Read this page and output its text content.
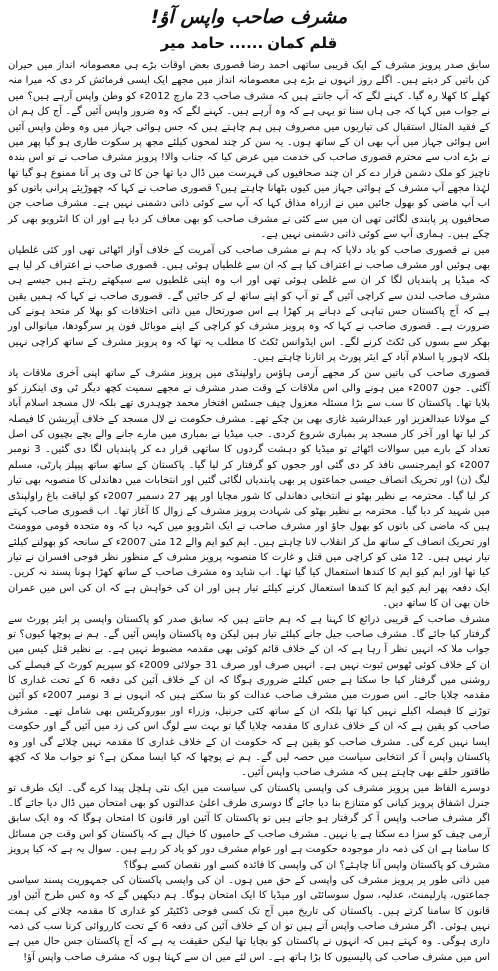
مشرف صاحب واپس آؤ!
قلم کمان......حامد میر

سابق صدر پرویز مشرف کے ایک قریبی ساتھی احمد رضا قصوری بعض اوقات بڑے ہی معصومانہ انداز میں حیران کن باتیں کر دیتے ہیں۔ اگلے روز انہوں نے بڑے ہی معصومانہ انداز میں مجھے ایک ایسی فرمائش کر دی کہ میرا منہ کھلے کا کھلا رہ گیا۔ کہنے لگے کہ آپ جانتے ہیں کہ مشرف صاحب 23 مارچ 2012ء کو وطن واپس آرہے ہیں؟ میں نے جواب میں کہا کہ جی ہاں سنا تو یہی ہے کہ وہ آرہے ہیں۔ کہنے لگے کہ وہ ضرور واپس آئیں گے۔ آج کل ہم ان کے فقید المثال استقبال کی تیاریوں میں مصروف ہیں ہم چاہتے ہیں کہ جس ہوائی جہاز میں وہ وطن واپس آئیں اس ہوائی جہاز میں آپ بھی ان کے ساتھ ہوں۔ یہ سن کر چند لمحوں کیلئے مجھ پر سکوت طاری ہو گیا پھر میں نے بڑے ادب سے محترم قصوری صاحب کی خدمت میں عرض کیا کہ جناب والا! پرویز مشرف صاحب نے تو اس بندہ ناچیز کو ملک دشمن قرار دے کر ان چند صحافیوں کی فہرست میں ڈال دیا تھا جن کا ٹی وی پر آنا ممنوع ہو گیا تھا لہٰذا مجھے آپ مشرف کے ہوائی جہاز میں کیوں بٹھانا چاہتے ہیں؟ قصوری صاحب نے کہا کہ چھوڑیئے پرانی باتوں کو اب آپ ماضی کو بھول جائیں میں نے ازراہ مذاق کہا کہ آپ سے کوئی ذاتی دشمنی نہیں ہے۔ مشرف صاحب جن صحافیوں پر پابندی لگائی تھی ان میں سے کئی نے مشرف صاحب کو بھی معاف کر دیا ہے اور ان کا انٹرویو بھی کر چکے ہیں۔ ہماری آپ سے کوئی ذاتی دشمنی نہیں ہے۔

میں نے قصوری صاحب کو یاد دلایا کہ ہم نے مشرف صاحب کی آمریت کے خلاف آواز اٹھائی تھی اور کئی غلطیاں بھی ہوئیں اور مشرف صاحب نے اعتراف کیا ہے کہ ان سے غلطیاں ہوئی ہیں۔ قصوری صاحب نے اعتراف کر لیا ہے کہ میڈیا پر پابندیاں لگا کر ان سے غلطی ہوئی تھی اور اب وہ اپنی غلطیوں سے سیکھتے رہتے ہیں جیسے ہی مشرف صاحب لندن سے کراچی آئیں گے تو آپ کو اپنے ساتھ لے کر جائیں گے۔ قصوری صاحب نے کہا کہ ہمیں یقین ہے کہ آج پاکستان جس تباہی کے دہانے پر کھڑا ہے اس صورتحال میں ذاتی اختلافات کو بھلا کر متحد ہونے کی ضرورت ہے۔ قصوری صاحب نے کہا کہ وہ پرویز مشرف کو کراچی کے اپنے موبائل فون پر سرگودھا، میانوالی اور بھکر سے بسوں کی ٹکٹ کرنے لگے۔ اس ایڈوانس ٹکٹ کا مطلب یہ تھا کہ وہ پرویز مشرف کے ساتھ کراچی نہیں بلکہ لاہور یا اسلام آباد کے ایئر پورٹ پر اتارنا چاہتے ہیں۔

قصوری صاحب کی باتیں سن کر مجھے آرمی ہاؤس راولپنڈی میں پرویز مشرف کے ساتھ اپنی آخری ملاقات یاد آگئی۔ جون 2007ء میں ہونے والی اس ملاقات کے وقت صدر مشرف نے مجھے سمیت کچھ دیگر ٹی وی اینکرز کو بلایا تھا۔ پاکستان کا سب سے بڑا مسئلہ معزول چیف جسٹس افتخار محمد چوہدری تھے بلکہ لال مسجد اسلام آباد کے مولانا عبدالعزیز اور عبدالرشید غازی بھی بن چکے تھے۔ مشرف حکومت نے لال مسجد کے خلاف آپریشن کا فیصلہ کر لیا تھا اور آخر کار مسجد پر بمباری شروع کردی۔ جب میڈیا نے بمباری میں مارے جانے والے بچے بچیوں کی اصل تعداد کے بارے میں سوالات اٹھائے تو میڈیا کو دہشت گردوں کا ساتھی قرار دے کر پابندیاں لگا دی گئیں۔ 3 نومبر 2007ء کو ایمرجنسی نافذ کر دی گئی اور ججوں کو گرفتار کر لیا گیا۔ پاکستان کے ساتھ ساتھ پیپلز پارٹی، مسلم لیگ (ن) اور تحریک انصاف جیسی جماعتوں پر بھی پابندیاں لگائی گئیں اور انتخابات میں دھاندلی کا منصوبہ بھی تیار کر لیا گیا۔ محترمہ بے نظیر بھٹو نے انتخابی دھاندلی کا شور مچایا اور پھر 27 دسمبر 2007ء کو لیاقت باغ راولپنڈی میں شہید کر دیا گیا۔ محترمہ بے نظیر بھٹو کی شہادت پرویز مشرف کے زوال کا آغاز تھا۔ اب قصوری صاحب کہتے ہیں کہ ماضی کی باتوں کو بھول جاؤ اور مشرف صاحب نے ایک انٹرویو میں کہہ دیا کہ وہ متحدہ قومی موومنٹ اور تحریک انصاف کے ساتھ مل کر انقلاب لانا چاہتے ہیں۔ ایم کیو ایم والے 12 مئی 2007ء کے سانحہ کو بھولنے کیلئے تیار نہیں ہیں۔ 12 مئی کو کراچی میں قتل و غارت کا منصوبہ پرویز مشرف کے منظور نظر فوجی افسران نے تیار کیا تھا اور ایم کیو ایم کا کندھا استعمال کیا گیا تھا۔ اب شاید وہ مشرف صاحب کے ساتھ کھڑا ہونا پسند نہ کریں۔ ایک دفعہ پھر ایم کیو ایم کا کندھا استعمال کرنے کیلئے تیار ہیں اور ان کی خواہش ہے کہ ان کی اس میں عمران خان بھی ان کا ساتھ دیں۔

مشرف صاحب کے قریبی ذرائع کا کہنا ہے کہ ہم جانتے ہیں کہ سابق صدر کو پاکستان واپسی پر ایئر پورٹ سے گرفتار کیا جائے گا۔ مشرف صاحب جیل جانے کیلئے تیار ہیں لیکن وہ پاکستان واپس آئیں گے۔ ہم نے پوچھا کیوں؟ تو جواب ملا کہ انہیں نظر آ رہا ہے کہ ان کے خلاف قائم کوئی بھی مقدمہ مضبوط نہیں ہے۔ بے نظیر قتل کیس میں ان کے خلاف کوئی ٹھوس ثبوت نہیں ہے۔ انہیں صرف اور صرف 31 جولائی 2009ء کو سپریم کورٹ کے فیصلے کی روشنی میں گرفتار کیا جا سکتا ہے جس کیلئے ضروری ہوگا کہ ان کے خلاف آئین کی دفعہ 6 کے تحت غداری کا مقدمہ چلایا جائے۔ اس صورت میں مشرف صاحب عدالت کو بتا سکتے ہیں کہ انہوں نے 3 نومبر 2007ء کو آئین توڑنے کا فیصلہ اکیلے نہیں کیا تھا بلکہ ان کے ساتھ کئی جرنیل، وزراء اور بیوروکریٹس بھی شامل تھے۔ مشرف صاحب کو یقین ہے کہ ان کے خلاف غداری کا مقدمہ چلایا گیا تو بہت سے لوگ اس کی زد میں آئیں گے اور حکومت ایسا نہیں کرے گی۔ مشرف صاحب کو یقین ہے کہ حکومت ان کے خلاف غداری کا مقدمہ نہیں چلائے گی اور وہ پاکستان واپس آ کر انتخابی سیاست میں حصہ لیں گے۔ ہم نے پوچھا کہ کیا ایسا ممکن ہے؟ تو جواب ملا کہ کچھ طاقتور حلقے بھی چاہتے ہیں کہ مشرف صاحب واپس آئیں۔

دوسرے الفاظ میں پرویز مشرف کی واپسی پاکستان کی سیاست میں ایک نئی ہلچل پیدا کرے گی۔ ایک طرف تو جنرل اشفاق پرویز کیانی کو متنازع بنا دیا جائے گا دوسری طرف اعلیٰ عدالتوں کو بھی امتحان میں ڈال دیا جائے گا۔ اگر مشرف صاحب واپس آ کر گرفتار ہو جاتے ہیں تو پاکستان کا آئین اور قانون کا امتحان ہوگا کہ وہ ایک سابق آرمی چیف کو سزا دے سکتا ہے یا نہیں۔ مشرف صاحب کے حامیوں کا خیال ہے کہ پاکستان کو اس وقت جن مسائل کا سامنا ہے ان کی ذمہ دار موجودہ حکومت ہے اور عوام مشرف دور کو یاد کر رہے ہیں۔ سوال یہ ہے کہ کیا پرویز مشرف کو پاکستان واپس آنا چاہئے؟ ان کی واپسی کا فائدہ کسے اور نقصان کسے ہوگا؟

میں ذاتی طور پر پرویز مشرف کی واپسی کے حق میں ہوں۔ ان کی واپسی پاکستان کی جمہوریت پسند سیاسی جماعتوں، پارلیمنٹ، عدلیہ، سول سوسائٹی اور میڈیا کا ایک امتحان ہوگا۔ ہم دیکھیں گے کہ وہ کس طرح آئین اور قانون کا سامنا کرتے ہیں۔ پاکستان کی تاریخ میں آج تک کسی فوجی ڈکٹیٹر کو غداری کا مقدمہ چلانے کی ہمت نہیں ہوئی۔ اگر مشرف صاحب واپس آتے ہیں تو ان کے خلاف آئین کی دفعہ 6 کے تحت کارروائی کرنا سب کی ذمہ داری ہوگی۔ وہ کہتے ہیں کہ انہوں نے پاکستان کو بچایا تھا لیکن حقیقت یہ ہے کہ آج پاکستان جس حال میں ہے اس میں مشرف صاحب کی پالیسیوں کا بڑا ہاتھ ہے۔ اس لئے میں ان سے کہتا ہوں کہ مشرف صاحب واپس آؤ!
